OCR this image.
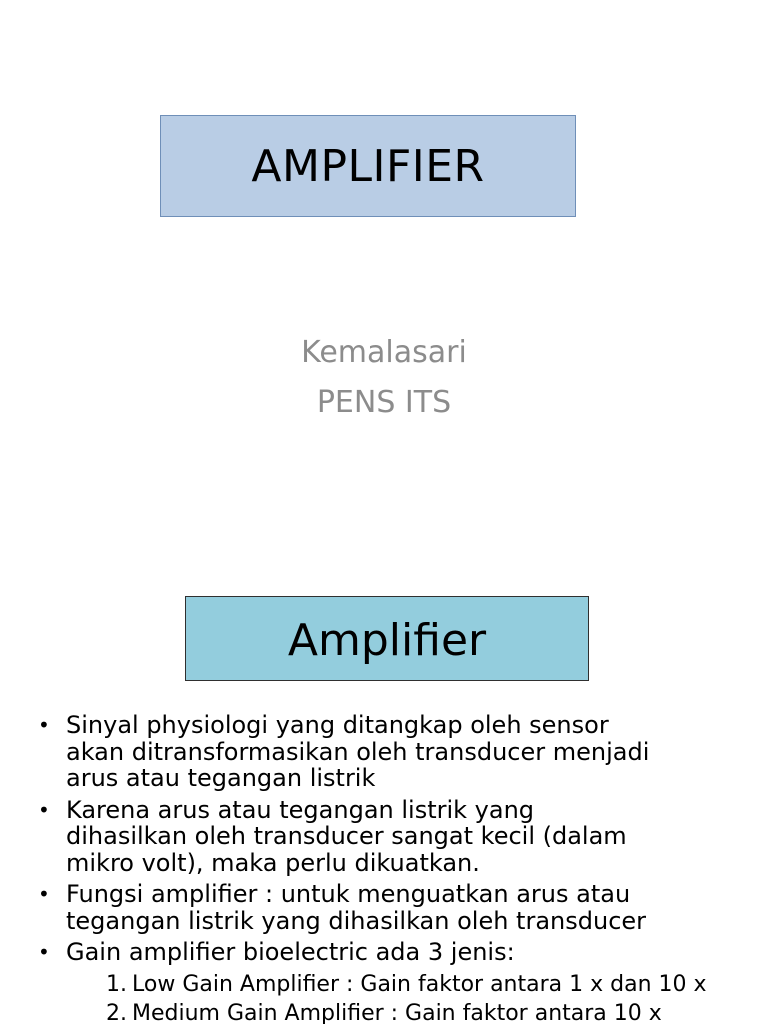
AMPLIFIER
Kemalasari
PENS ITS
Amplifier
• Sinyal physiologi yang ditangkap oleh sensor
akan ditransformasikan oleh transducer menjadi
arus atau tegangan listrik
• Karena arus atau tegangan listrik yang
dihasilkan oleh transducer sangat kecil (dalam
mikro volt), maka perlu dikuatkan.
• Fungsi amplifier : untuk menguatkan arus atau
tegangan listrik yang dihasilkan oleh transducer
• Gain amplifier bioelectric ada 3 jenis:
1. Low Gain Amplifier : Gain faktor antara 1 x dan 10 x
2. Medium Gain Amplifier : Gain faktor antara 10 x
